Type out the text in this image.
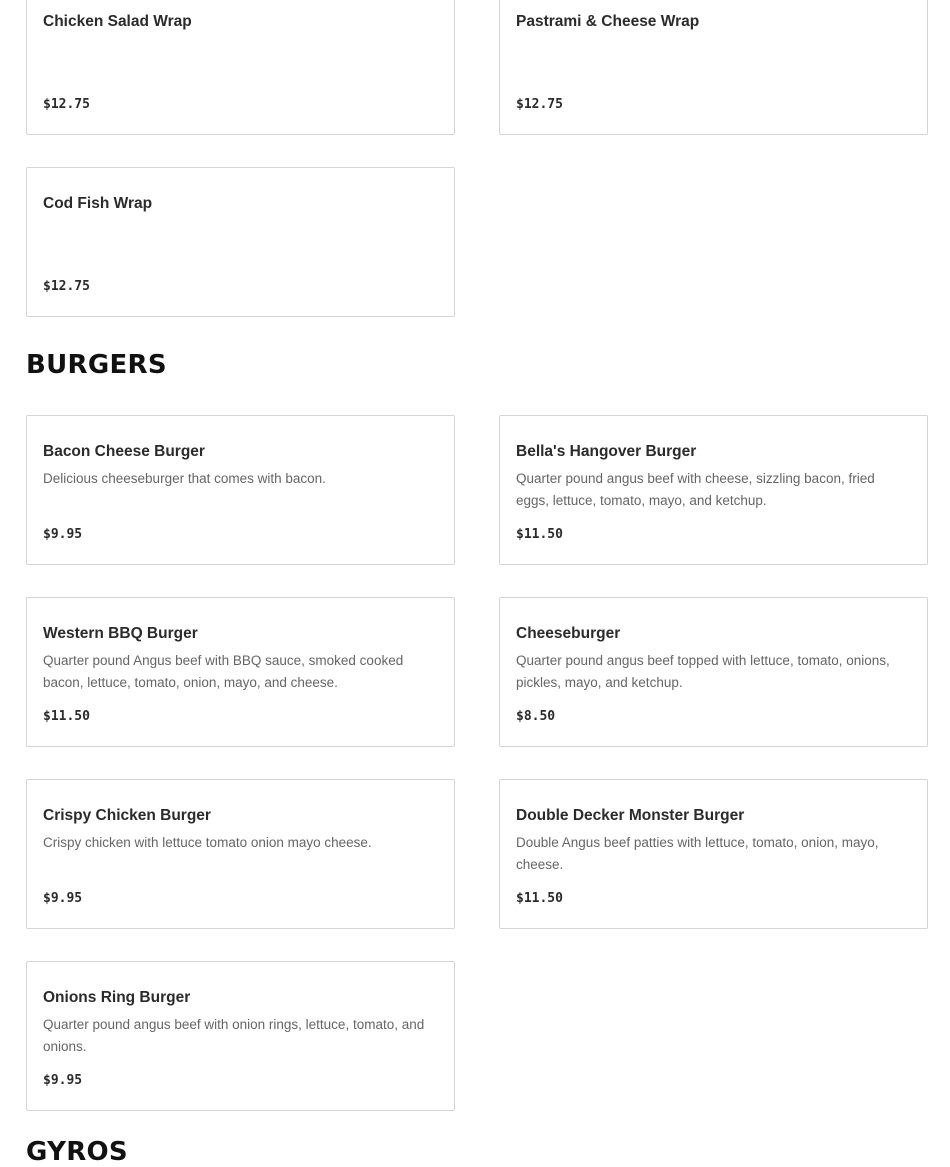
Chicken Salad Wrap
$12.75
Pastrami & Cheese Wrap
$12.75
Cod Fish Wrap
$12.75
BURGERS
Bacon Cheese Burger
Delicious cheeseburger that comes with bacon.
$9.95
Bella's Hangover Burger
Quarter pound angus beef with cheese, sizzling bacon, fried eggs, lettuce, tomato, mayo, and ketchup.
$11.50
Western BBQ Burger
Quarter pound Angus beef with BBQ sauce, smoked cooked bacon, lettuce, tomato, onion, mayo, and cheese.
$11.50
Cheeseburger
Quarter pound angus beef topped with lettuce, tomato, onions, pickles, mayo, and ketchup.
$8.50
Crispy Chicken Burger
Crispy chicken with lettuce tomato onion mayo cheese.
$9.95
Double Decker Monster Burger
Double Angus beef patties with lettuce, tomato, onion, mayo, cheese.
$11.50
Onions Ring Burger
Quarter pound angus beef with onion rings, lettuce, tomato, and onions.
$9.95
GYROS
